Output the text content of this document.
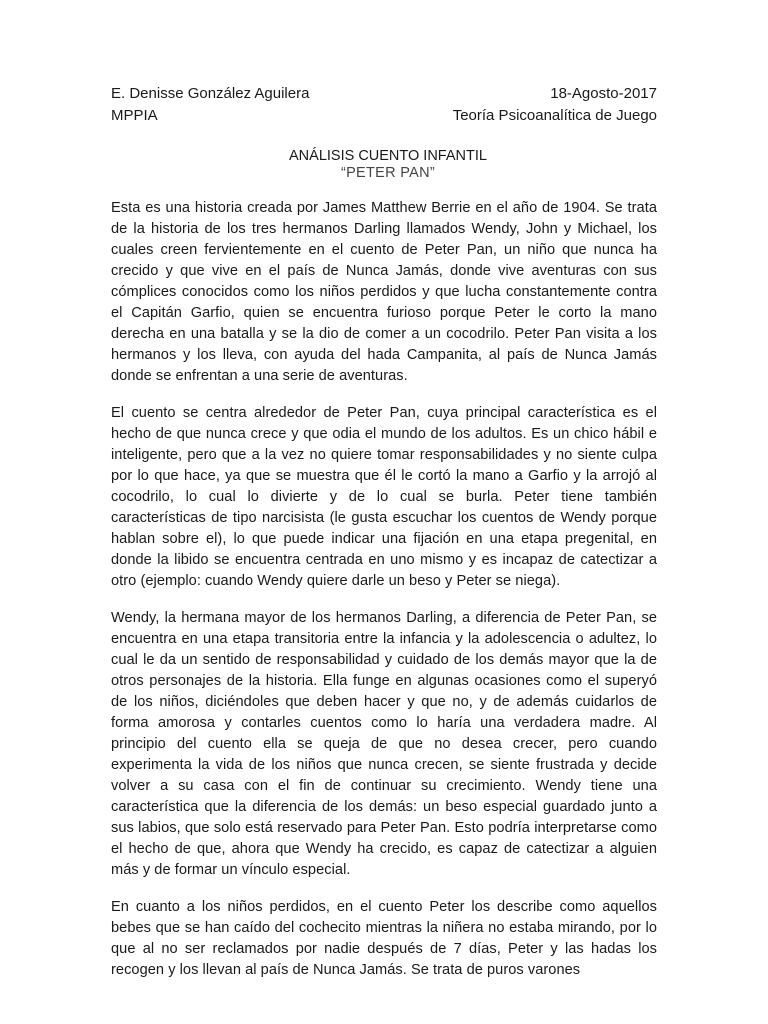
E. Denisse González Aguilera	18-Agosto-2017
MPPIA	Teoría Psicoanalítica de Juego
ANÁLISIS CUENTO INFANTIL
“PETER PAN”

Esta es una historia creada por James Matthew Berrie en el año de 1904. Se trata de la historia de los tres hermanos Darling llamados Wendy, John y Michael, los cuales creen fervientemente en el cuento de Peter Pan, un niño que nunca ha crecido y que vive en el país de Nunca Jamás, donde vive aventuras con sus cómplices conocidos como los niños perdidos y que lucha constantemente contra el Capitán Garfio, quien se encuentra furioso porque Peter le corto la mano derecha en una batalla y se la dio de comer a un cocodrilo. Peter Pan visita a los hermanos y los lleva, con ayuda del hada Campanita, al país de Nunca Jamás donde se enfrentan a una serie de aventuras.

El cuento se centra alrededor de Peter Pan, cuya principal característica es el hecho de que nunca crece y que odia el mundo de los adultos. Es un chico hábil e inteligente, pero que a la vez no quiere tomar responsabilidades y no siente culpa por lo que hace, ya que se muestra que él le cortó la mano a Garfio y la arrojó al cocodrilo, lo cual lo divierte y de lo cual se burla. Peter tiene también características de tipo narcisista (le gusta escuchar los cuentos de Wendy porque hablan sobre el), lo que puede indicar una fijación en una etapa pregenital, en donde la libido se encuentra centrada en uno mismo y es incapaz de catectizar a otro (ejemplo: cuando Wendy quiere darle un beso y Peter se niega).

Wendy, la hermana mayor de los hermanos Darling, a diferencia de Peter Pan, se encuentra en una etapa transitoria entre la infancia y la adolescencia o adultez, lo cual le da un sentido de responsabilidad y cuidado de los demás mayor que la de otros personajes de la historia. Ella funge en algunas ocasiones como el superyó de los niños, diciéndoles que deben hacer y que no, y de además cuidarlos de forma amorosa y contarles cuentos como lo haría una verdadera madre. Al principio del cuento ella se queja de que no desea crecer, pero cuando experimenta la vida de los niños que nunca crecen, se siente frustrada y decide volver a su casa con el fin de continuar su crecimiento. Wendy tiene una característica que la diferencia de los demás: un beso especial guardado junto a sus labios, que solo está reservado para Peter Pan. Esto podría interpretarse como el hecho de que, ahora que Wendy ha crecido, es capaz de catectizar a alguien más y de formar un vínculo especial.

En cuanto a los niños perdidos, en el cuento Peter los describe como aquellos bebes que se han caído del cochecito mientras la niñera no estaba mirando, por lo que al no ser reclamados por nadie después de 7 días, Peter y las hadas los recogen y los llevan al país de Nunca Jamás. Se trata de puros varones
